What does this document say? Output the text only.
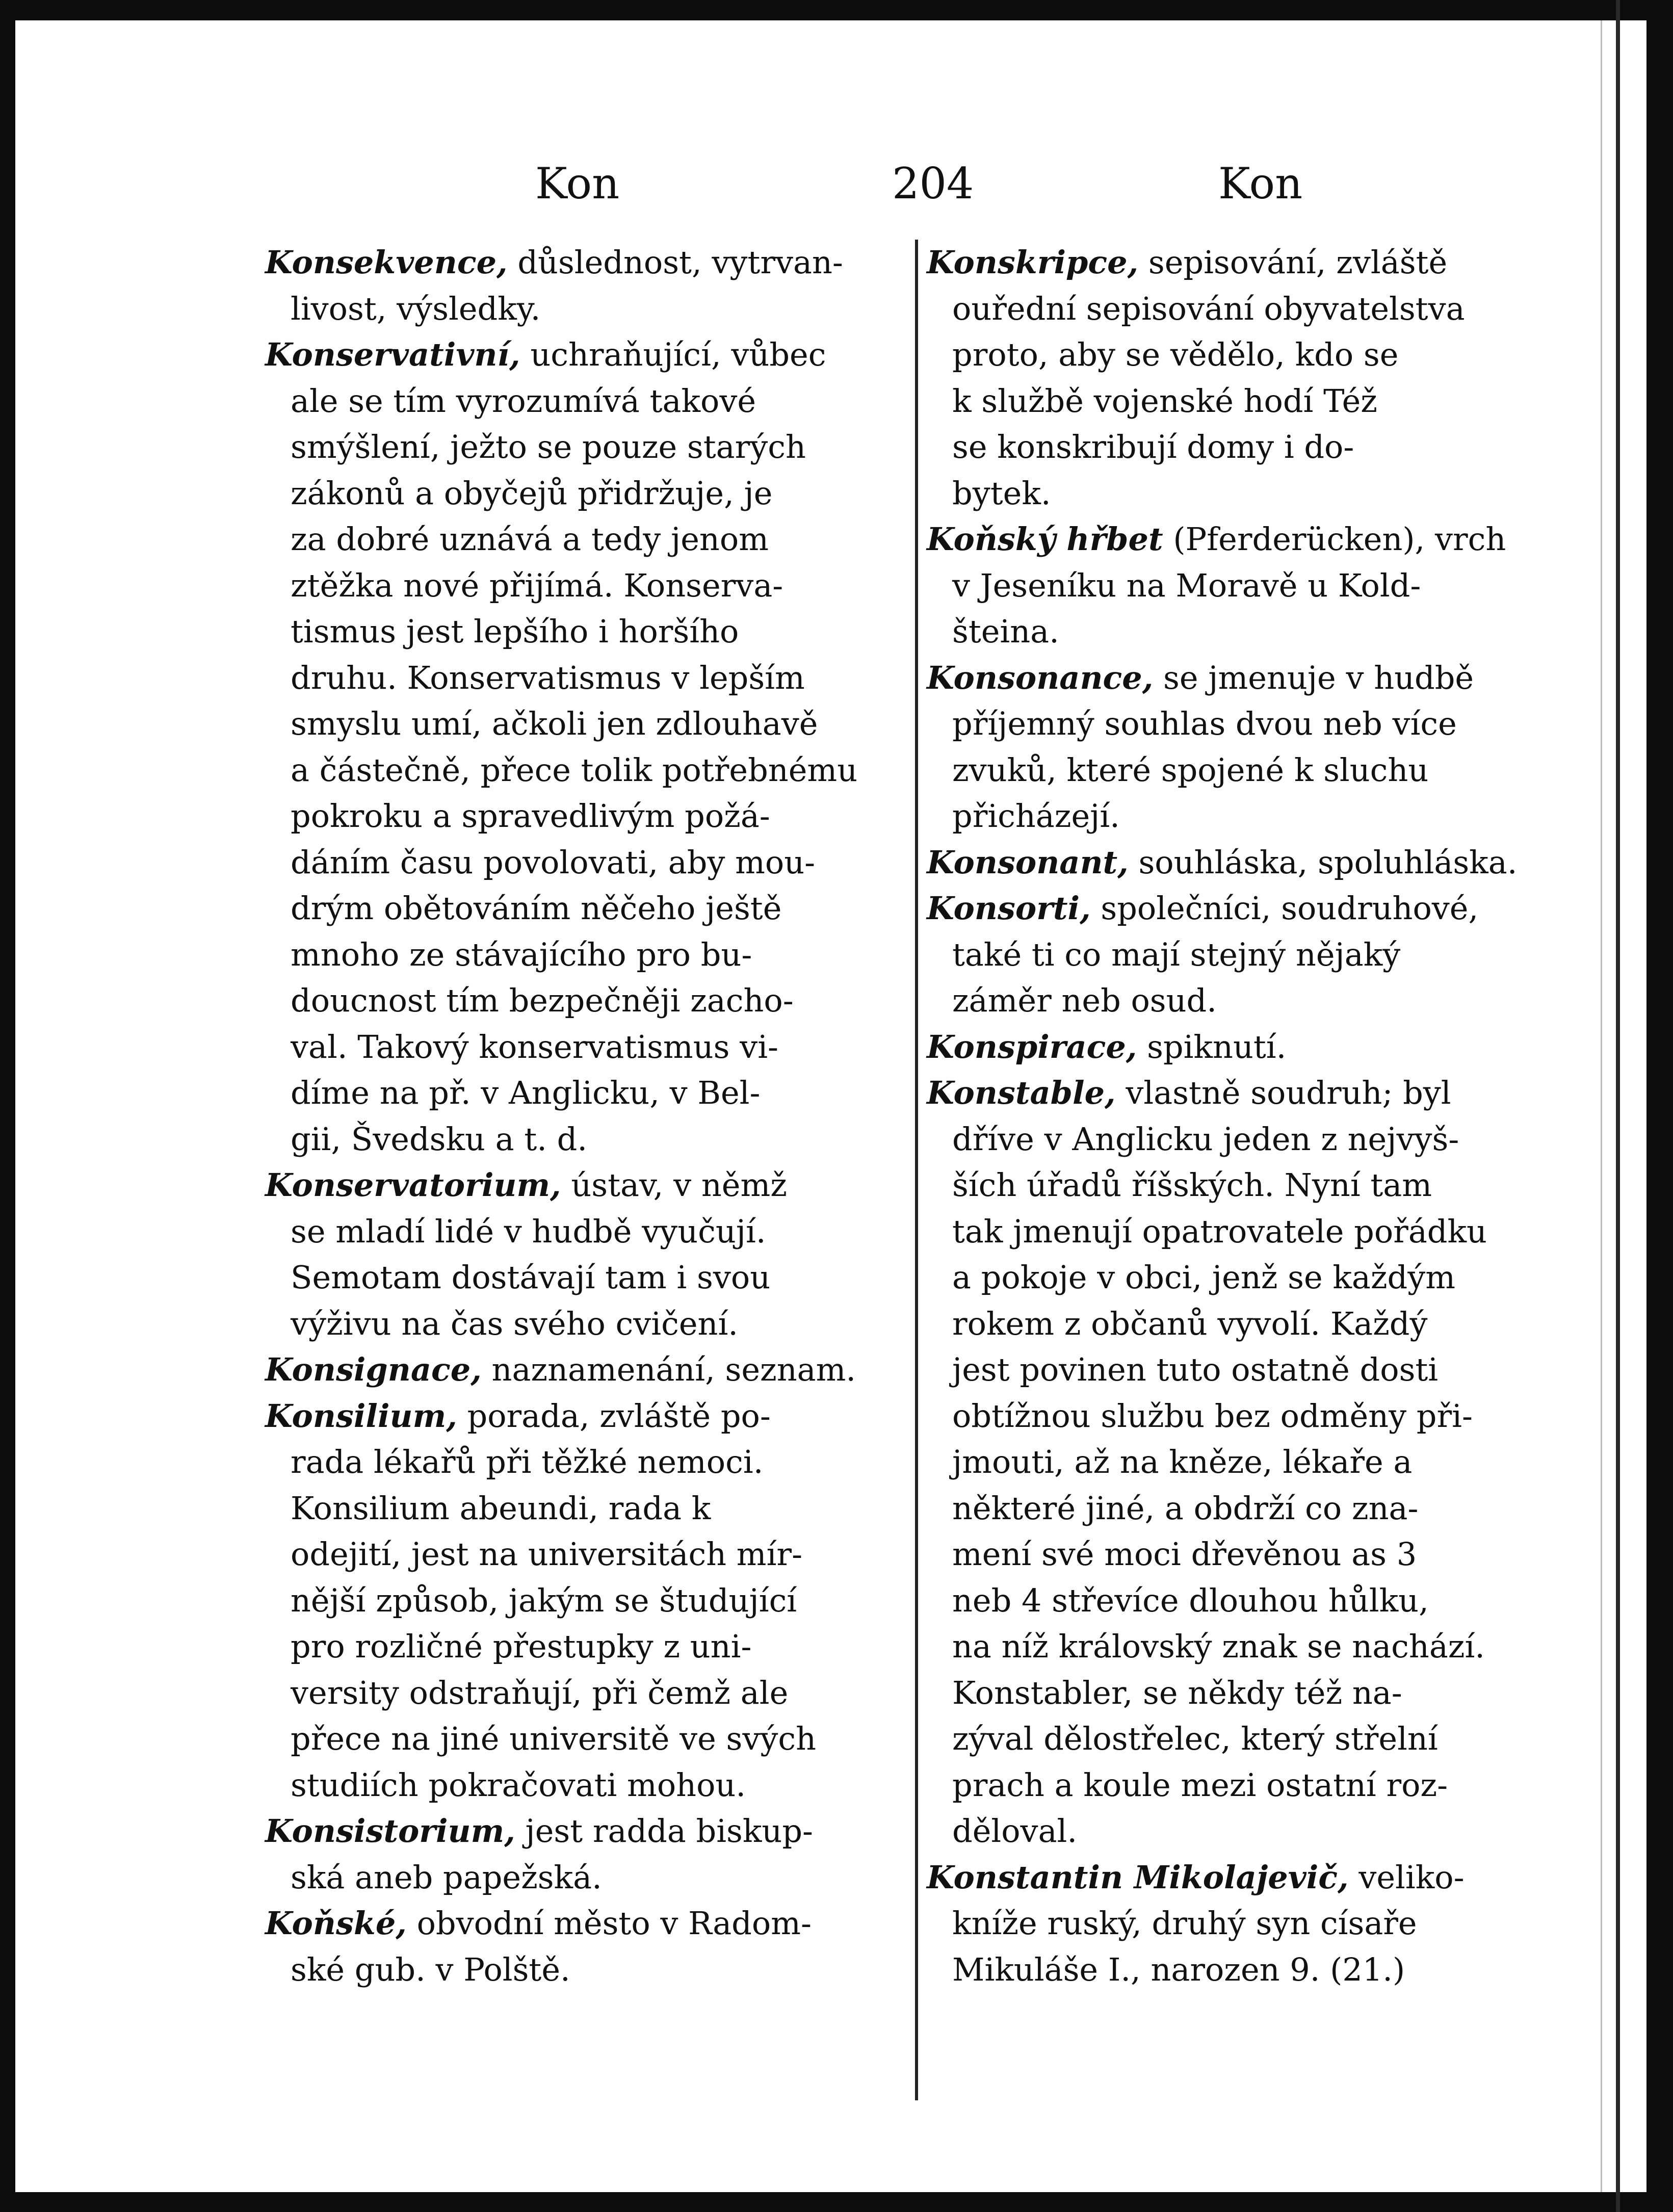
Kon	204	Kon
Konsekvence, důslednost, vytrvan-
livost, výsledky.
Konservativní, uchraňující, vůbec
ale se tím vyrozumívá takové
smýšlení, ježto se pouze starých
zákonů a obyčejů přidržuje, je
za dobré uznává a tedy jenom
ztěžka nové přijímá. Konserva-
tismus jest lepšího i horšího
druhu. Konservatismus v lepším
smyslu umí, ačkoli jen zdlouhavě
a částečně, přece tolik potřebnému
pokroku a spravedlivým požá-
dáním času povolovati, aby mou-
drým obětováním něčeho ještě
mnoho ze stávajícího pro bu-
doucnost tím bezpečněji zacho-
val. Takový konservatismus vi-
díme na př. v Anglicku, v Bel-
gii, Švedsku a t. d.
Konservatorium, ústav, v němž
se mladí lidé v hudbě vyučují.
Semotam dostávají tam i svou
výživu na čas svého cvičení.
Konsignace, naznamenání, seznam.
Konsilium, porada, zvláště po-
rada lékařů při těžké nemoci.
Konsilium abeundi, rada k
odejití, jest na universitách mír-
nější způsob, jakým se študující
pro rozličné přestupky z uni-
versity odstraňují, při čemž ale
přece na jiné universitě ve svých
studiích pokračovati mohou.
Konsistorium, jest radda biskup-
ská aneb papežská.
Koňské, obvodní město v Radom-
ské gub. v Polště.
Konskripce, sepisování, zvláště
ouřední sepisování obyvatelstva
proto, aby se vědělo, kdo se
k službě vojenské hodí Též
se konskribují domy i do-
bytek.
Koňský hřbet (Pferderücken), vrch
v Jeseníku na Moravě u Kold-
šteina.
Konsonance, se jmenuje v hudbě
příjemný souhlas dvou neb více
zvuků, které spojené k sluchu
přicházejí.
Konsonant, souhláska, spoluhláska.
Konsorti, společníci, soudruhové,
také ti co mají stejný nějaký
záměr neb osud.
Konspirace, spiknutí.
Konstable, vlastně soudruh; byl
dříve v Anglicku jeden z nejvyš-
ších úřadů říšských. Nyní tam
tak jmenují opatrovatele pořádku
a pokoje v obci, jenž se každým
rokem z občanů vyvolí. Každý
jest povinen tuto ostatně dosti
obtížnou službu bez odměny při-
jmouti, až na kněze, lékaře a
některé jiné, a obdrží co zna-
mení své moci dřevěnou as 3
neb 4 střevíce dlouhou hůlku,
na níž královský znak se nachází.
Konstabler, se někdy též na-
zýval dělostřelec, který střelní
prach a koule mezi ostatní roz-
děloval.
Konstantin Mikolajevič, veliko-
kníže ruský, druhý syn císaře
Mikuláše I., narozen 9. (21.)
